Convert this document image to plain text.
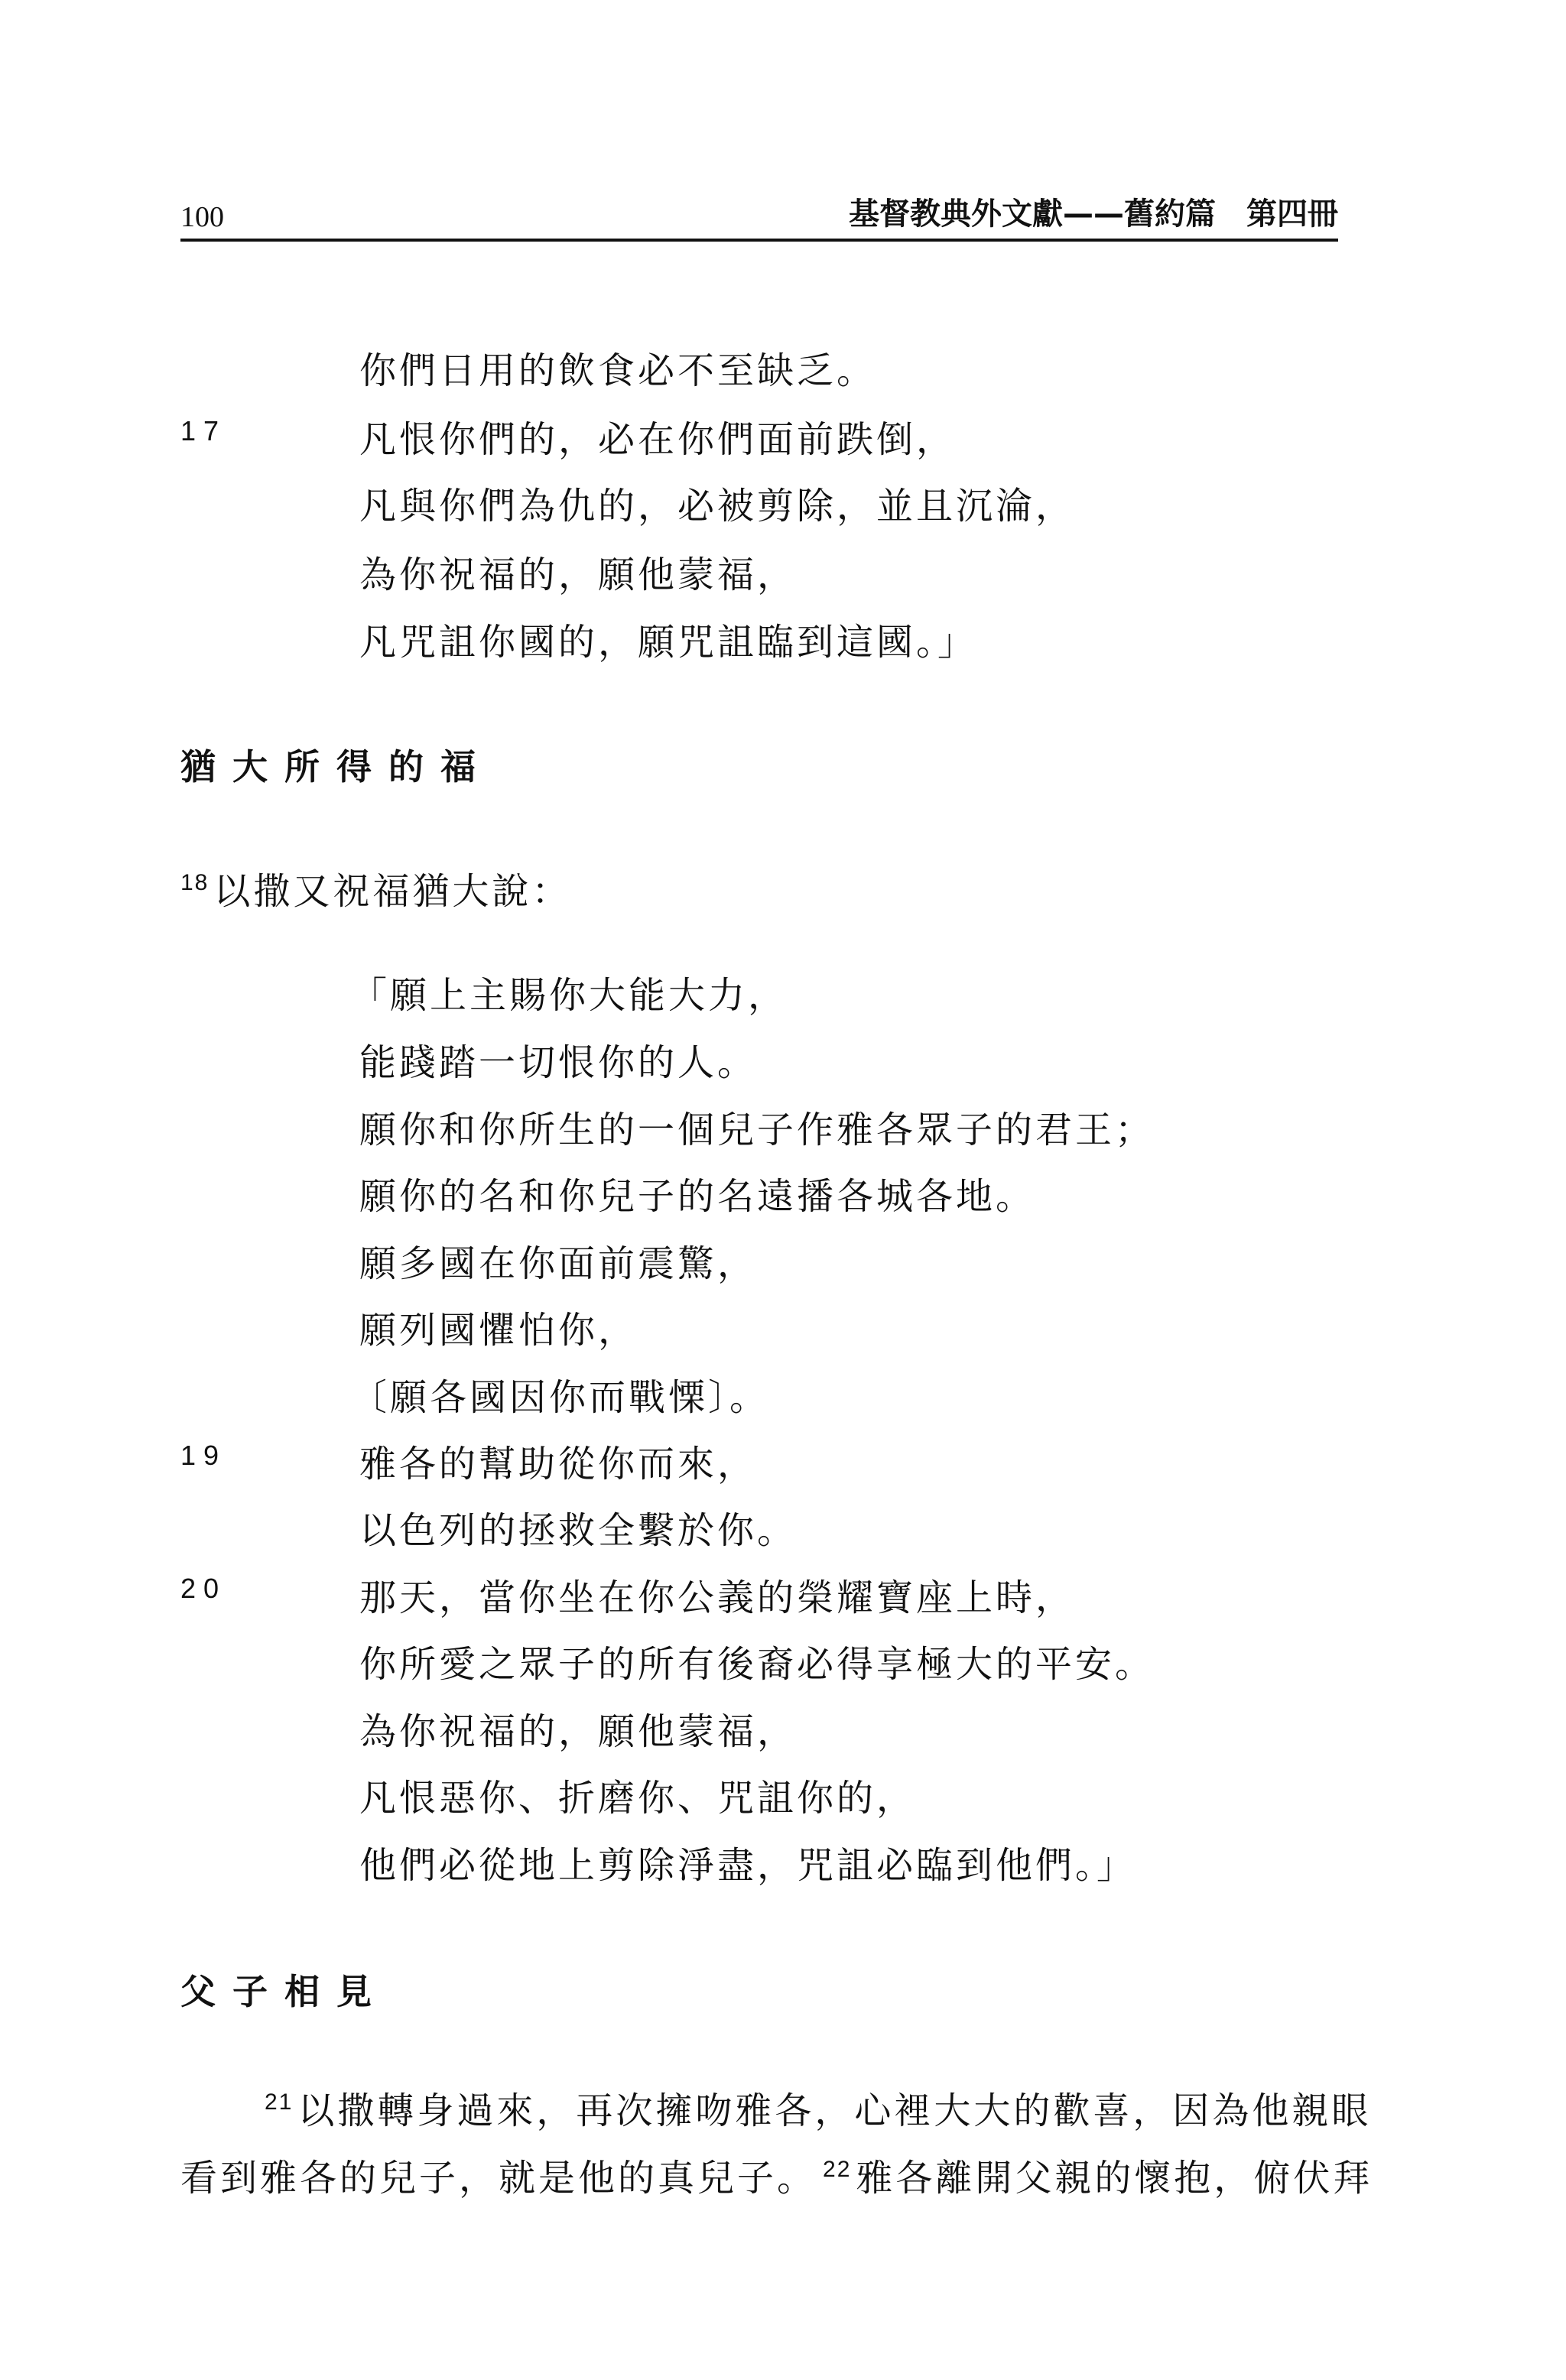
100	基督教典外文獻——舊約篇 第四冊
你們日用的飲食必不至缺乏。
17	凡恨你們的，必在你們面前跌倒，
凡與你們為仇的，必被剪除，並且沉淪，
為你祝福的，願他蒙福，
凡咒詛你國的，願咒詛臨到這國。」
猶大所得的福
$^{18}$ 以撒又祝福猶大說：
「願上主賜你大能大力，
能踐踏一切恨你的人。
願你和你所生的一個兒子作雅各眾子的君王；
願你的名和你兒子的名遠播各城各地。
願多國在你面前震驚，
願列國懼怕你，
〔願各國因你而戰慄〕。
19	雅各的幫助從你而來，
以色列的拯救全繫於你。
20	那天，當你坐在你公義的榮耀寶座上時，
你所愛之眾子的所有後裔必得享極大的平安。
為你祝福的，願他蒙福，
凡恨惡你、折磨你、咒詛你的，
他們必從地上剪除淨盡，咒詛必臨到他們。」
父子相見
$^{21}$ 以撒轉身過來，再次擁吻雅各，心裡大大的歡喜，因為他親眼
看到雅各的兒子，就是他的真兒子。 $^{22}$ 雅各離開父親的懷抱，俯伏拜
